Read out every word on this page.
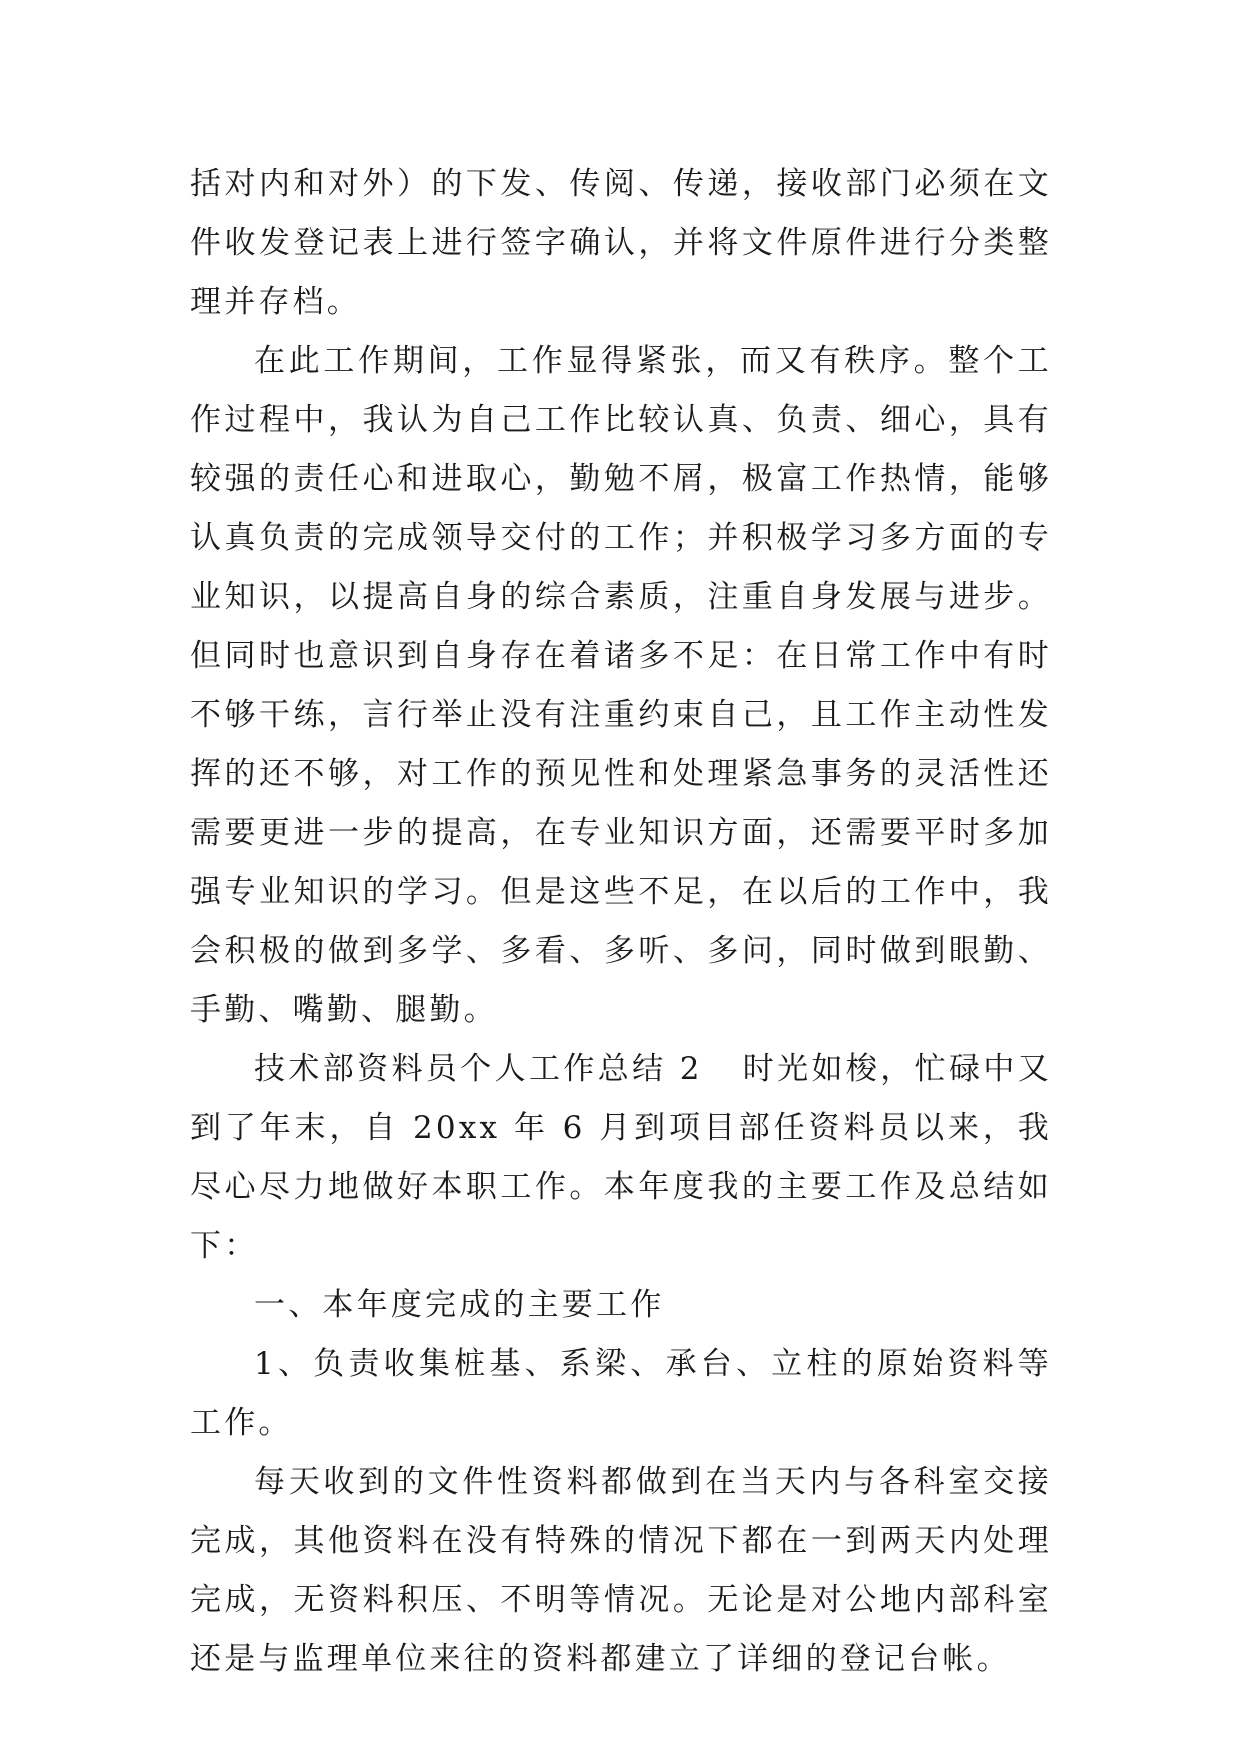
括对内和对外）的下发、传阅、传递，接收部门必须在文件收发登记表上进行签字确认，并将文件原件进行分类整理并存档。

在此工作期间，工作显得紧张，而又有秩序。整个工作过程中，我认为自己工作比较认真、负责、细心，具有较强的责任心和进取心，勤勉不屑，极富工作热情，能够认真负责的完成领导交付的工作；并积极学习多方面的专业知识，以提高自身的综合素质，注重自身发展与进步。但同时也意识到自身存在着诸多不足：在日常工作中有时不够干练，言行举止没有注重约束自己，且工作主动性发挥的还不够，对工作的预见性和处理紧急事务的灵活性还需要更进一步的提高，在专业知识方面，还需要平时多加强专业知识的学习。但是这些不足，在以后的工作中，我会积极的做到多学、多看、多听、多问，同时做到眼勤、手勤、嘴勤、腿勤。

技术部资料员个人工作总结 2 时光如梭，忙碌中又到了年末，自 20xx 年 6 月到项目部任资料员以来，我尽心尽力地做好本职工作。本年度我的主要工作及总结如下：

一、本年度完成的主要工作

1、负责收集桩基、系梁、承台、立柱的原始资料等工作。

每天收到的文件性资料都做到在当天内与各科室交接完成，其他资料在没有特殊的情况下都在一到两天内处理完成，无资料积压、不明等情况。无论是对公地内部科室还是与监理单位来往的资料都建立了详细的登记台帐。
